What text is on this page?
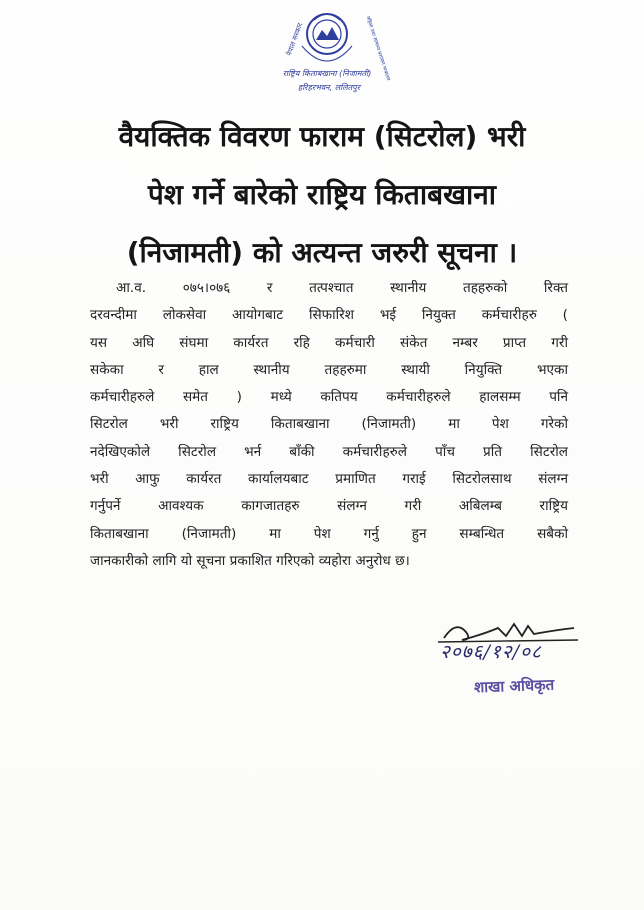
नेपाल सरकार	महिला तथा सामान्य प्रशासन मन्त्रालय
राष्ट्रिय किताबखाना (निजामती)
हरिहरभवन, ललितपुर
वैयक्तिक विवरण फाराम (सिटरोल) भरी
पेश गर्ने बारेको राष्ट्रिय किताबखाना
(निजामती) को अत्यन्त जरुरी सूचना ।
आ.व. ०७५।०७६ र तत्पश्चात स्थानीय तहहरुको रिक्त
दरवन्दीमा लोकसेवा आयोगबाट सिफारिश भई नियुक्त कर्मचारीहरु (
यस अघि संघमा कार्यरत रहि कर्मचारी संकेत नम्बर प्राप्त गरी
सकेका र हाल स्थानीय तहहरुमा स्थायी नियुक्ति भएका
कर्मचारीहरुले समेत ) मध्ये कतिपय कर्मचारीहरुले हालसम्म पनि
सिटरोल भरी राष्ट्रिय किताबखाना (निजामती) मा पेश गरेको
नदेखिएकोले सिटरोल भर्न बाँकी कर्मचारीहरुले पाँच प्रति सिटरोल
भरी आफु कार्यरत कार्यालयबाट प्रमाणित गराई सिटरोलसाथ संलग्न
गर्नुपर्ने आवश्यक कागजातहरु संलग्न गरी अबिलम्ब राष्ट्रिय
किताबखाना (निजामती) मा पेश गर्नु हुन सम्बन्धित सबैको
जानकारीको लागि यो सूचना प्रकाशित गरिएको व्यहोरा अनुरोध छ।
२०७६/१२/०८
शाखा अधिकृत
